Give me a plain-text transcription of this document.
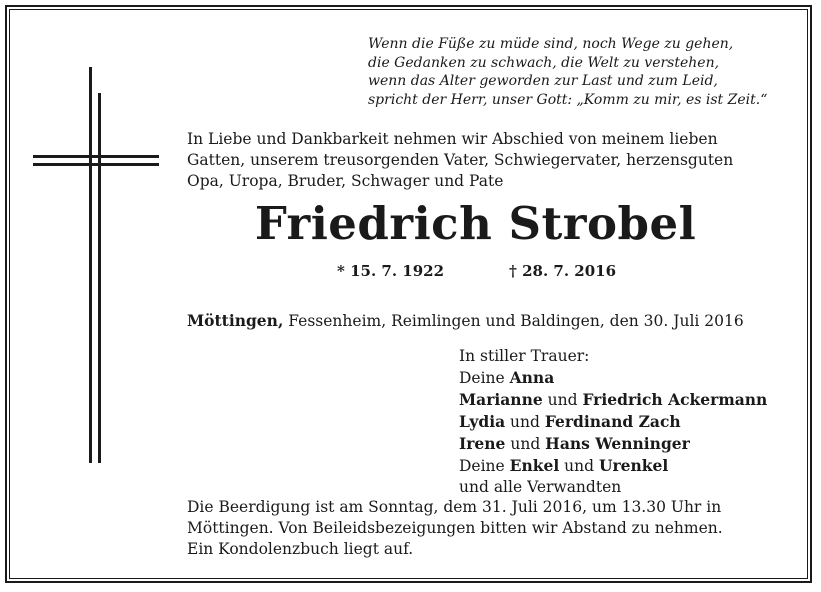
Wenn die Füße zu müde sind, noch Wege zu gehen,
die Gedanken zu schwach, die Welt zu verstehen,
wenn das Alter geworden zur Last und zum Leid,
spricht der Herr, unser Gott: „Komm zu mir, es ist Zeit.“
In Liebe und Dankbarkeit nehmen wir Abschied von meinem lieben
Gatten, unserem treusorgenden Vater, Schwiegervater, herzensguten
Opa, Uropa, Bruder, Schwager und Pate
Friedrich Strobel
* 15. 7. 1922	† 28. 7. 2016
Möttingen, Fessenheim, Reimlingen und Baldingen, den 30. Juli 2016
In stiller Trauer:
Deine Anna
Marianne und Friedrich Ackermann
Lydia und Ferdinand Zach
Irene und Hans Wenninger
Deine Enkel und Urenkel
und alle Verwandten
Die Beerdigung ist am Sonntag, dem 31. Juli 2016, um 13.30 Uhr in
Möttingen. Von Beileidsbezeigungen bitten wir Abstand zu nehmen.
Ein Kondolenzbuch liegt auf.
